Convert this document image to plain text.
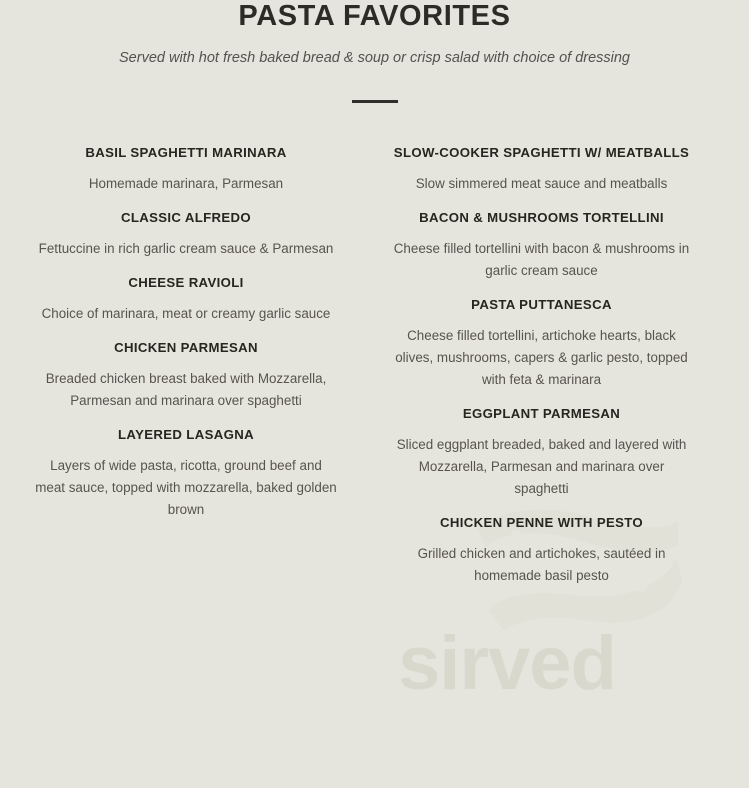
sirved
PASTA FAVORITES

Served with hot fresh baked bread & soup or crisp salad with choice of dressing

BASIL SPAGHETTI MARINARA

Homemade marinara, Parmesan

CLASSIC ALFREDO

Fettuccine in rich garlic cream sauce & Parmesan

CHEESE RAVIOLI

Choice of marinara, meat or creamy garlic sauce

CHICKEN PARMESAN

Breaded chicken breast baked with Mozzarella, Parmesan and marinara over spaghetti

LAYERED LASAGNA

Layers of wide pasta, ricotta, ground beef and meat sauce, topped with mozzarella, baked golden brown

SLOW-COOKER SPAGHETTI W/ MEATBALLS

Slow simmered meat sauce and meatballs

BACON & MUSHROOMS TORTELLINI

Cheese filled tortellini with bacon & mushrooms in garlic cream sauce

PASTA PUTTANESCA

Cheese filled tortellini, artichoke hearts, black olives, mushrooms, capers & garlic pesto, topped with feta & marinara

EGGPLANT PARMESAN

Sliced eggplant breaded, baked and layered with Mozzarella, Parmesan and marinara over spaghetti

CHICKEN PENNE WITH PESTO

Grilled chicken and artichokes, sautéed in homemade basil pesto
